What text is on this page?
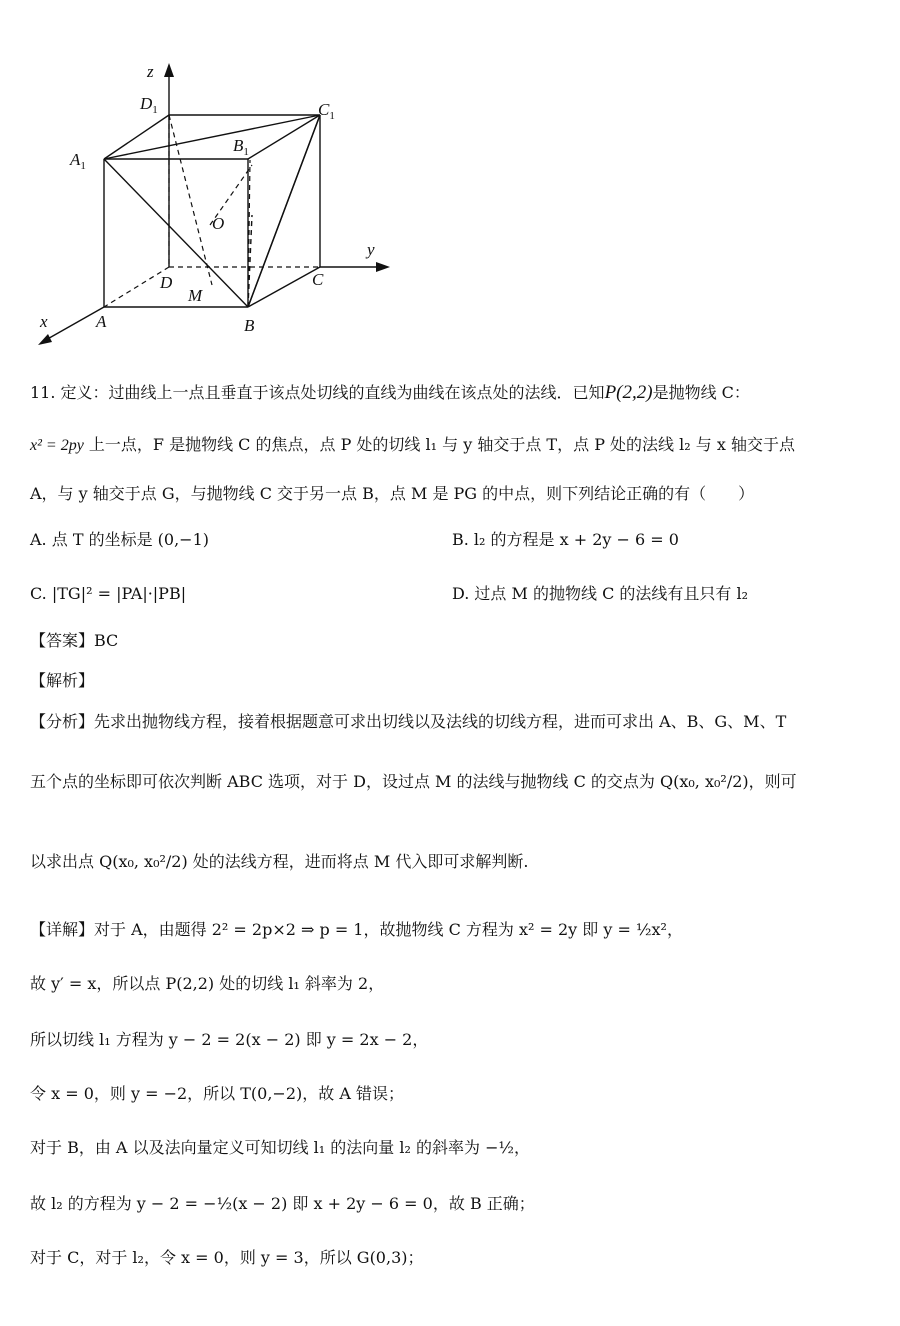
z
y
x
$D_1$	$C_1$
$A_1$
$B_1$
O
D	C
M
A	B
11. 定义：过曲线上一点且垂直于该点处切线的直线为曲线在该点处的法线．已知P(2,2)是抛物线 C：
x² = 2py 上一点，F 是抛物线 C 的焦点，点 P 处的切线 l₁ 与 y 轴交于点 T，点 P 处的法线 l₂ 与 x 轴交于点
A，与 y 轴交于点 G，与抛物线 C 交于另一点 B，点 M 是 PG 的中点，则下列结论正确的有（　　）
A. 点 T 的坐标是 (0,−1)	B. l₂ 的方程是 x + 2y − 6 = 0
C. |TG|² = |PA|·|PB|	D. 过点 M 的抛物线 C 的法线有且只有 l₂
【答案】BC
【解析】
【分析】先求出抛物线方程，接着根据题意可求出切线以及法线的切线方程，进而可求出 A、B、G、M、T
五个点的坐标即可依次判断 ABC 选项，对于 D，设过点 M 的法线与抛物线 C 的交点为 Q(x₀, x₀²/2)，则可
以求出点 Q(x₀, x₀²/2) 处的法线方程，进而将点 M 代入即可求解判断.
【详解】对于 A，由题得 2² = 2p×2 ⇒ p = 1，故抛物线 C 方程为 x² = 2y 即 y = ½x²，
故 y′ = x，所以点 P(2,2) 处的切线 l₁ 斜率为 2，
所以切线 l₁ 方程为 y − 2 = 2(x − 2) 即 y = 2x − 2，
令 x = 0，则 y = −2，所以 T(0,−2)，故 A 错误；
对于 B，由 A 以及法向量定义可知切线 l₁ 的法向量 l₂ 的斜率为 −½，
故 l₂ 的方程为 y − 2 = −½(x − 2) 即 x + 2y − 6 = 0，故 B 正确；
对于 C，对于 l₂，令 x = 0，则 y = 3，所以 G(0,3)；
